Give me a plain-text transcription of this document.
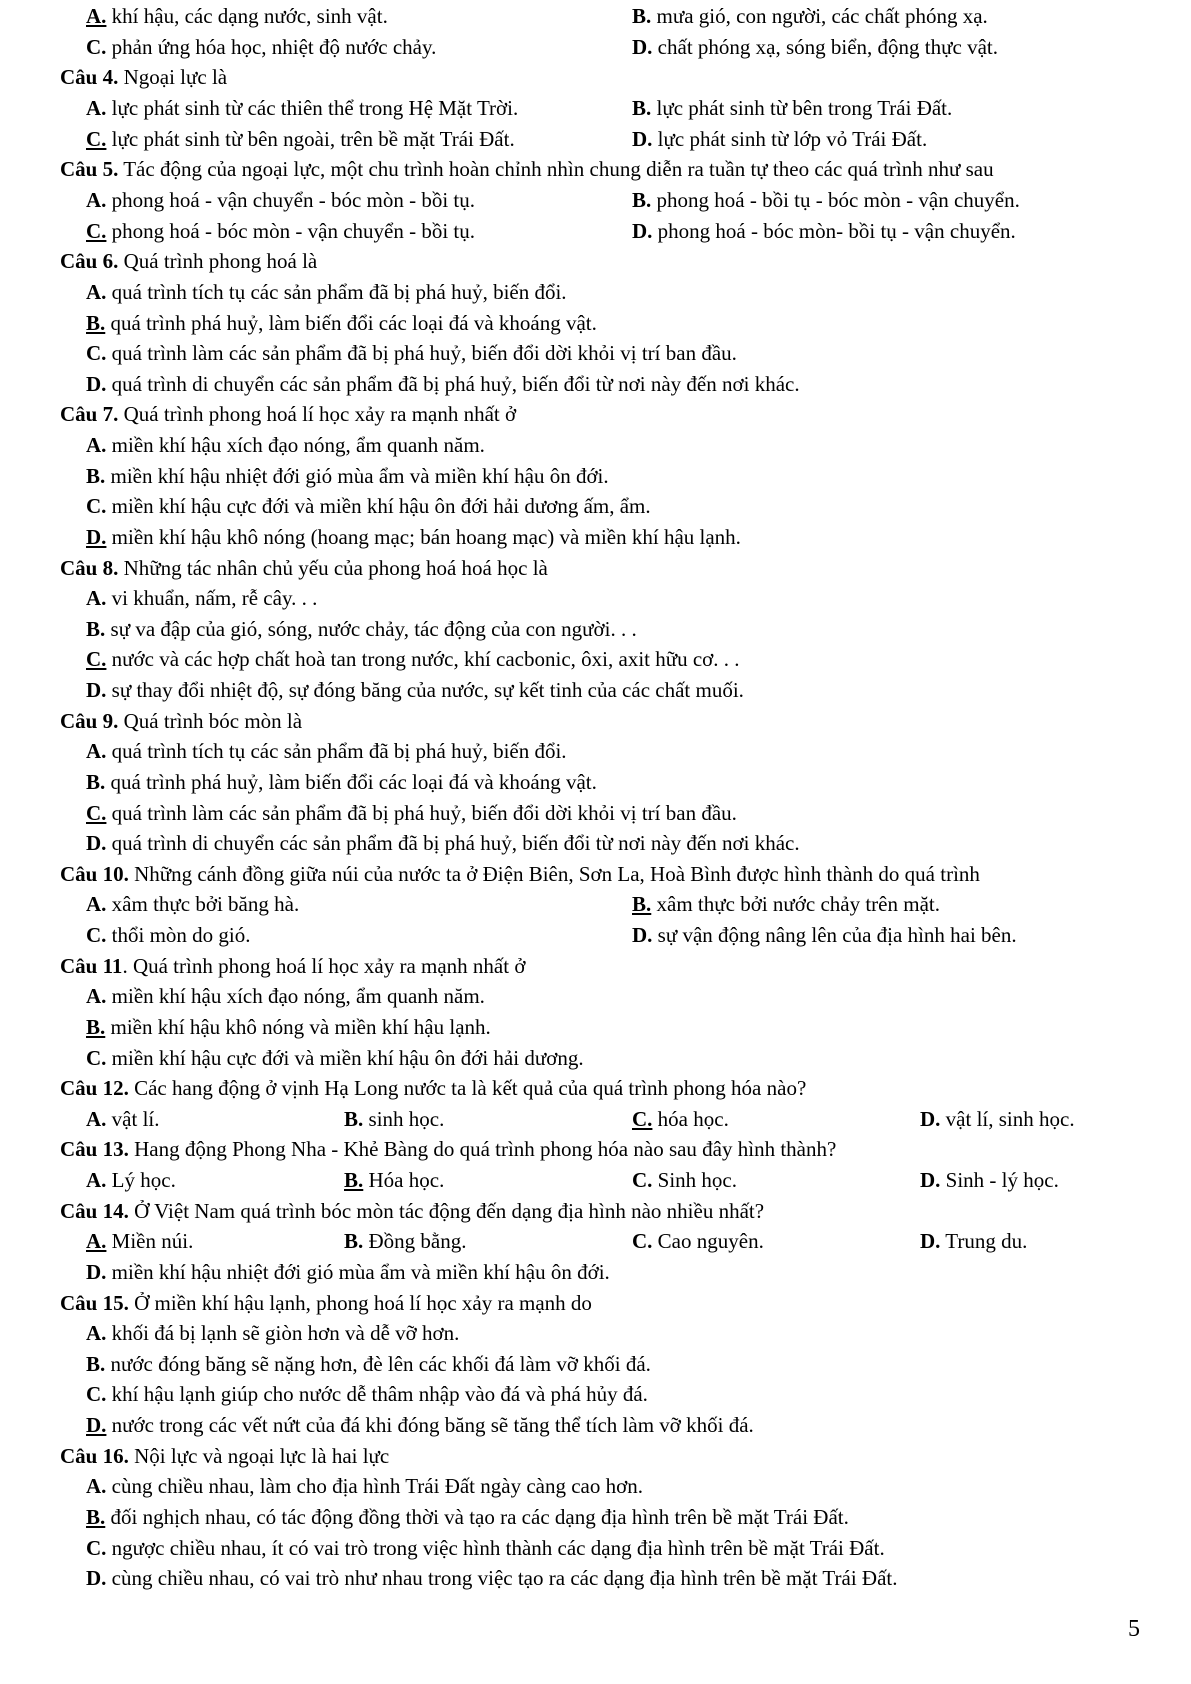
A. khí hậu, các dạng nước, sinh vật.	B. mưa gió, con người, các chất phóng xạ.
C. phản ứng hóa học, nhiệt độ nước chảy.	D. chất phóng xạ, sóng biển, động thực vật.
Câu 4. Ngoại lực là
A. lực phát sinh từ các thiên thể trong Hệ Mặt Trời.	B. lực phát sinh từ bên trong Trái Đất.
C. lực phát sinh từ bên ngoài, trên bề mặt Trái Đất.	D. lực phát sinh từ lớp vỏ Trái Đất.
Câu 5. Tác động của ngoại lực, một chu trình hoàn chỉnh nhìn chung diễn ra tuần tự theo các quá trình như sau
A. phong hoá - vận chuyển - bóc mòn - bồi tụ.	B. phong hoá - bồi tụ - bóc mòn - vận chuyển.
C. phong hoá - bóc mòn - vận chuyển - bồi tụ.	D. phong hoá - bóc mòn- bồi tụ - vận chuyển.
Câu 6. Quá trình phong hoá là
A. quá trình tích tụ các sản phẩm đã bị phá huỷ, biến đổi.
B. quá trình phá huỷ, làm biến đổi các loại đá và khoáng vật.
C. quá trình làm các sản phẩm đã bị phá huỷ, biến đổi dời khỏi vị trí ban đầu.
D. quá trình di chuyển các sản phẩm đã bị phá huỷ, biến đổi từ nơi này đến nơi khác.
Câu 7. Quá trình phong hoá lí học xảy ra mạnh nhất ở
A. miền khí hậu xích đạo nóng, ẩm quanh năm.
B. miền khí hậu nhiệt đới gió mùa ẩm và miền khí hậu ôn đới.
C. miền khí hậu cực đới và miền khí hậu ôn đới hải dương ấm, ẩm.
D. miền khí hậu khô nóng (hoang mạc; bán hoang mạc) và miền khí hậu lạnh.
Câu 8. Những tác nhân chủ yếu của phong hoá hoá học là
A. vi khuẩn, nấm, rễ cây. . .
B. sự va đập của gió, sóng, nước chảy, tác động của con người. . .
C. nước và các hợp chất hoà tan trong nước, khí cacbonic, ôxi, axit hữu cơ. . .
D. sự thay đổi nhiệt độ, sự đóng băng của nước, sự kết tinh của các chất muối.
Câu 9. Quá trình bóc mòn là
A. quá trình tích tụ các sản phẩm đã bị phá huỷ, biến đổi.
B. quá trình phá huỷ, làm biến đổi các loại đá và khoáng vật.
C. quá trình làm các sản phẩm đã bị phá huỷ, biến đổi dời khỏi vị trí ban đầu.
D. quá trình di chuyển các sản phẩm đã bị phá huỷ, biến đổi từ nơi này đến nơi khác.
Câu 10. Những cánh đồng giữa núi của nước ta ở Điện Biên, Sơn La, Hoà Bình được hình thành do quá trình
A. xâm thực bởi băng hà.	B. xâm thực bởi nước chảy trên mặt.
C. thổi mòn do gió.	D. sự vận động nâng lên của địa hình hai bên.
Câu 11. Quá trình phong hoá lí học xảy ra mạnh nhất ở
A. miền khí hậu xích đạo nóng, ẩm quanh năm.
B. miền khí hậu khô nóng và miền khí hậu lạnh.
C. miền khí hậu cực đới và miền khí hậu ôn đới hải dương.
Câu 12. Các hang động ở vịnh Hạ Long nước ta là kết quả của quá trình phong hóa nào?
A. vật lí.	B. sinh học.	C. hóa học.	D. vật lí, sinh học.
Câu 13. Hang động Phong Nha - Khẻ Bàng do quá trình phong hóa nào sau đây hình thành?
A. Lý học.	B. Hóa học.	C. Sinh học.	D. Sinh - lý học.
Câu 14. Ở Việt Nam quá trình bóc mòn tác động đến dạng địa hình nào nhiều nhất?
A. Miền núi.	B. Đồng bằng.	C. Cao nguyên.	D. Trung du.
D. miền khí hậu nhiệt đới gió mùa ẩm và miền khí hậu ôn đới.
Câu 15. Ở miền khí hậu lạnh, phong hoá lí học xảy ra mạnh do
A. khối đá bị lạnh sẽ giòn hơn và dễ vỡ hơn.
B. nước đóng băng sẽ nặng hơn, đè lên các khối đá làm vỡ khối đá.
C. khí hậu lạnh giúp cho nước dễ thâm nhập vào đá và phá hủy đá.
D. nước trong các vết nứt của đá khi đóng băng sẽ tăng thể tích làm vỡ khối đá.
Câu 16. Nội lực và ngoại lực là hai lực
A. cùng chiều nhau, làm cho địa hình Trái Đất ngày càng cao hơn.
B. đối nghịch nhau, có tác động đồng thời và tạo ra các dạng địa hình trên bề mặt Trái Đất.
C. ngược chiều nhau, ít có vai trò trong việc hình thành các dạng địa hình trên bề mặt Trái Đất.
D. cùng chiều nhau, có vai trò như nhau trong việc tạo ra các dạng địa hình trên bề mặt Trái Đất.
5
